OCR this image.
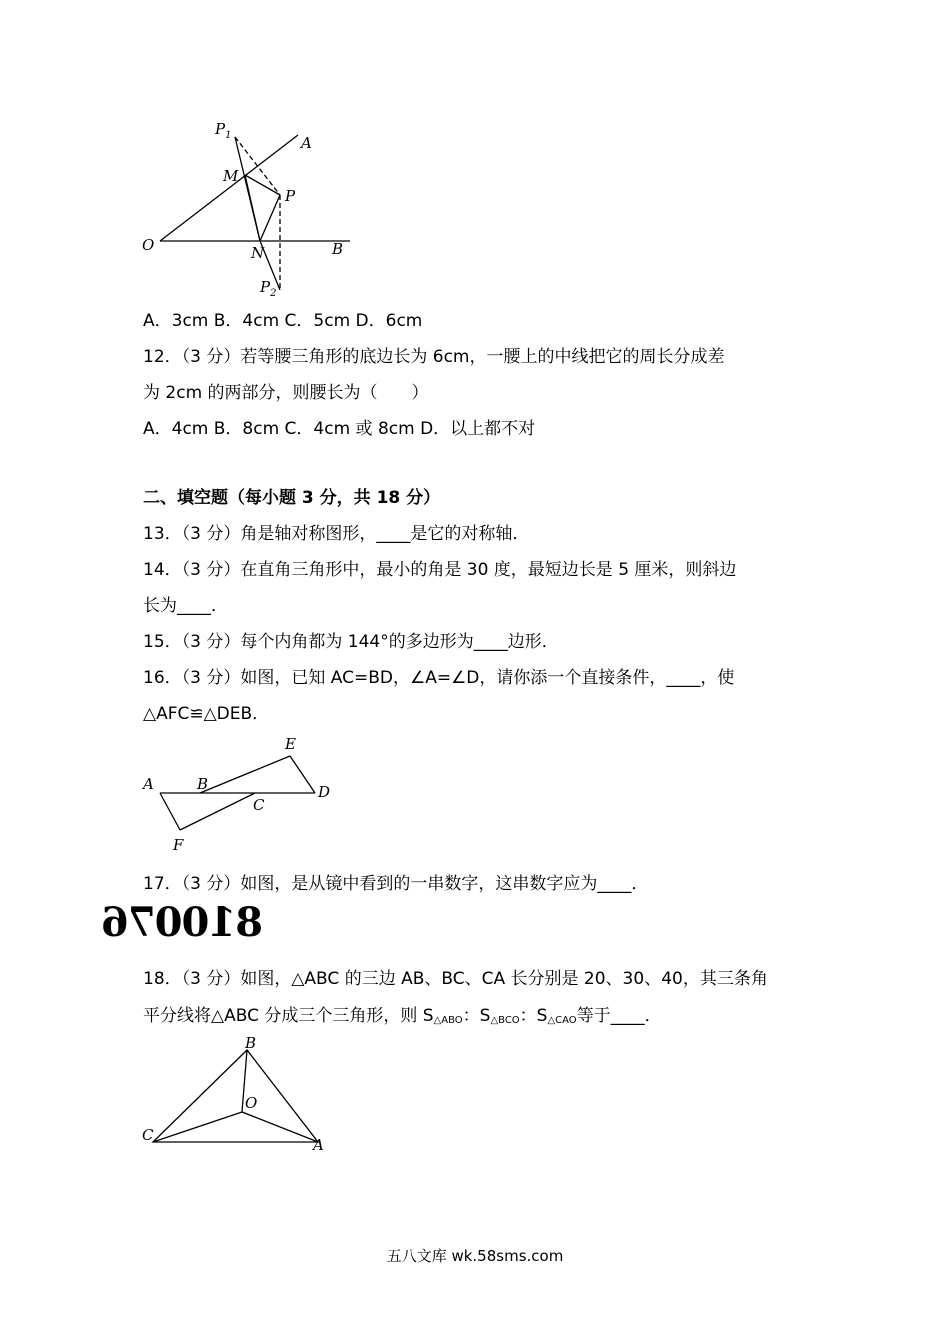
$P_1$	A
M
P
O	N	B
$P_2$
A．3cm B．4cm C．5cm D．6cm
12．（3 分）若等腰三角形的底边长为 6cm，一腰上的中线把它的周长分成差
为 2cm 的两部分，则腰长为（　　）
A．4cm B．8cm C．4cm 或 8cm D．以上都不对
二、填空题（每小题 3 分，共 18 分）
13．（3 分）角是轴对称图形，____是它的对称轴．
14．（3 分）在直角三角形中，最小的角是 30 度，最短边长是 5 厘米，则斜边
长为____．
15．（3 分）每个内角都为 144°的多边形为____边形．
16．（3 分）如图，已知 AC=BD，∠A=∠D，请你添一个直接条件，____，使
△AFC≌△DEB．
E
A	B	D
C
F
17．（3 分）如图，是从镜中看到的一串数字，这串数字应为____．
810076
18．（3 分）如图，△ABC 的三边 AB、BC、CA 长分别是 20、30、40，其三条角
平分线将△ABC 分成三个三角形，则 $S_{\triangle ABO}$：$S_{\triangle BCO}$：$S_{\triangle CAO}$等于____．
B
O
C
A
五八文库 wk.58sms.com
